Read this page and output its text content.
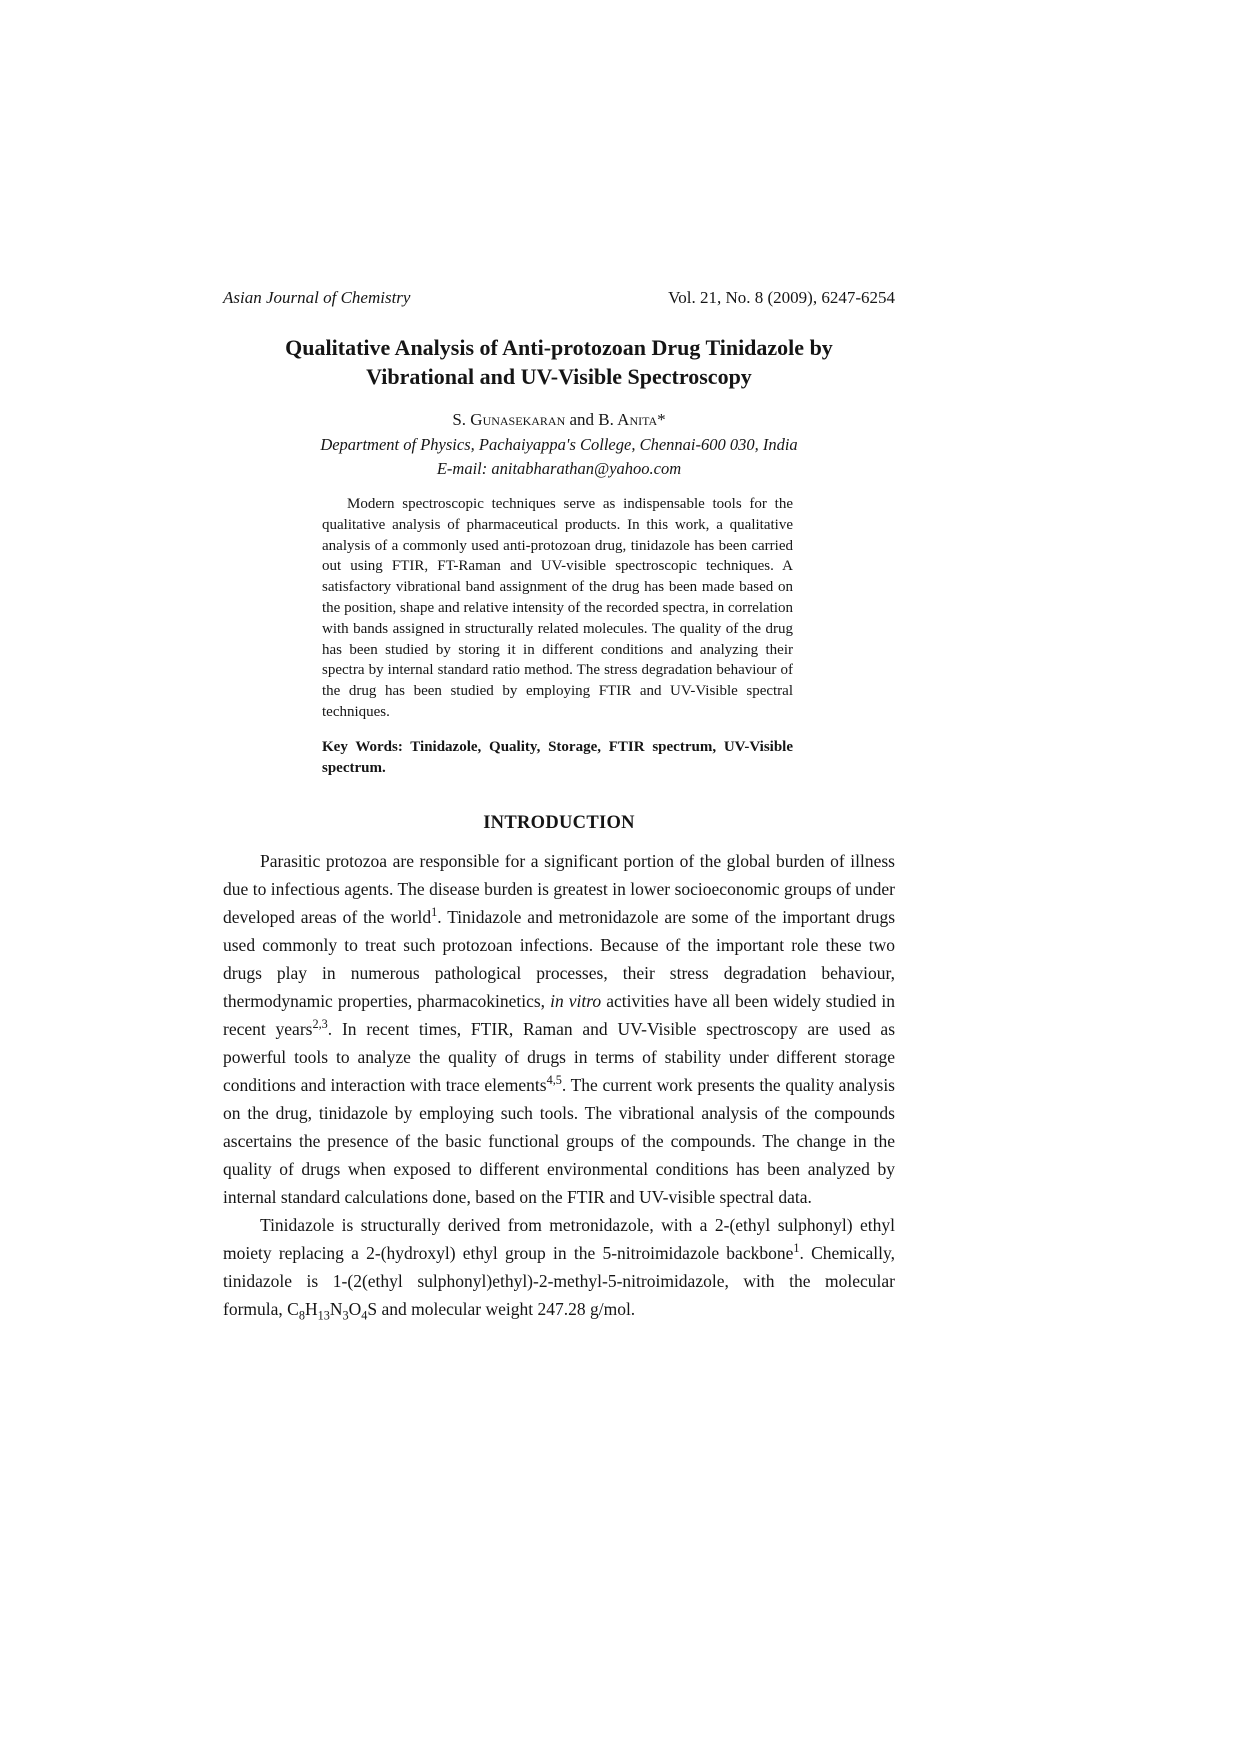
Asian Journal of Chemistry	Vol. 21, No. 8 (2009), 6247-6254
Qualitative Analysis of Anti-protozoan Drug Tinidazole by
Vibrational and UV-Visible Spectroscopy
S. Gunasekaran and B. Anita*
Department of Physics, Pachaiyappa's College, Chennai-600 030, India
E-mail: anitabharathan@yahoo.com

Modern spectroscopic techniques serve as indispensable tools for the qualitative analysis of pharmaceutical products. In this work, a qualitative analysis of a commonly used anti-protozoan drug, tinidazole has been carried out using FTIR, FT-Raman and UV-visible spectroscopic techniques. A satisfactory vibrational band assignment of the drug has been made based on the position, shape and relative intensity of the recorded spectra, in correlation with bands assigned in structurally related molecules. The quality of the drug has been studied by storing it in different conditions and analyzing their spectra by internal standard ratio method. The stress degradation behaviour of the drug has been studied by employing FTIR and UV-Visible spectral techniques.

Key Words: Tinidazole, Quality, Storage, FTIR spectrum, UV-Visible spectrum.

INTRODUCTION

Parasitic protozoa are responsible for a significant portion of the global burden of illness due to infectious agents. The disease burden is greatest in lower socioeconomic groups of under developed areas of the world$^1$. Tinidazole and metronidazole are some of the important drugs used commonly to treat such protozoan infections. Because of the important role these two drugs play in numerous pathological processes, their stress degradation behaviour, thermodynamic properties, pharmacokinetics, in vitro activities have all been widely studied in recent years$^{2,3}$. In recent times, FTIR, Raman and UV-Visible spectroscopy are used as powerful tools to analyze the quality of drugs in terms of stability under different storage conditions and interaction with trace elements$^{4,5}$. The current work presents the quality analysis on the drug, tinidazole by employing such tools. The vibrational analysis of the compounds ascertains the presence of the basic functional groups of the compounds. The change in the quality of drugs when exposed to different environmental conditions has been analyzed by internal standard calculations done, based on the FTIR and UV-visible spectral data.

Tinidazole is structurally derived from metronidazole, with a 2-(ethyl sulphonyl) ethyl moiety replacing a 2-(hydroxyl) ethyl group in the 5-nitroimidazole backbone$^1$. Chemically, tinidazole is 1-(2(ethyl sulphonyl)ethyl)-2-methyl-5-nitroimidazole, with the molecular formula, $C_8H_{13}N_3O_4S$ and molecular weight 247.28 g/mol.
